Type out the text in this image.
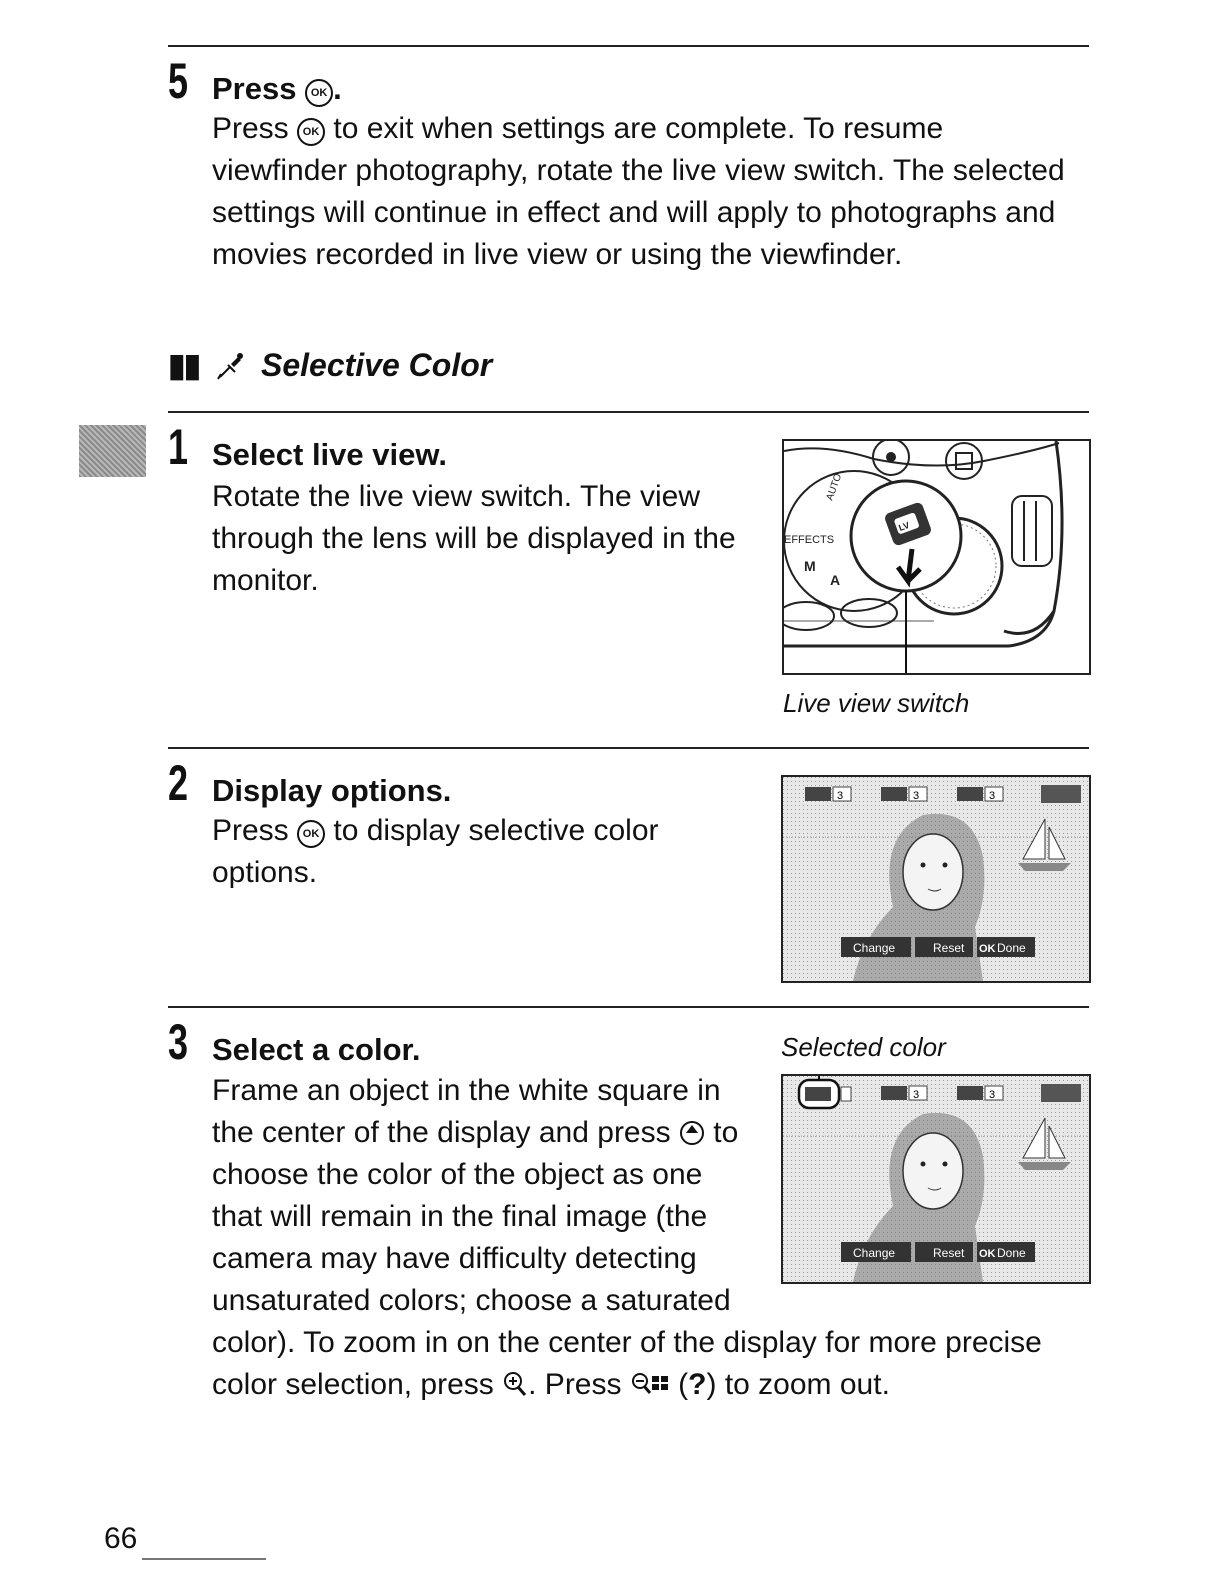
5 Press OK .

Press OK to exit when settings are complete. To resume viewfinder photography, rotate the live view switch. The selected settings will continue in effect and will apply to photographs and movies recorded in live view or using the viewfinder.

▮▮ Selective Color
1 Select live view.

Rotate the live view switch. The view through the lens will be displayed in the monitor.

EFFECTS
AUTO
M
A
LV
Live view switch
2 Display options.

Press OK to display selective color options.

3	3	3
Change	Reset OK Done
3 Select a color.	Selected color
3	3
Change	Reset OK Done

Frame an object in the white square in the center of the display and press  to choose the color of the object as one that will remain in the final image (the camera may have difficulty detecting unsaturated colors; choose a saturated color). To zoom in on the center of the display for more precise color selection, press . Press  (?) to zoom out.

66
